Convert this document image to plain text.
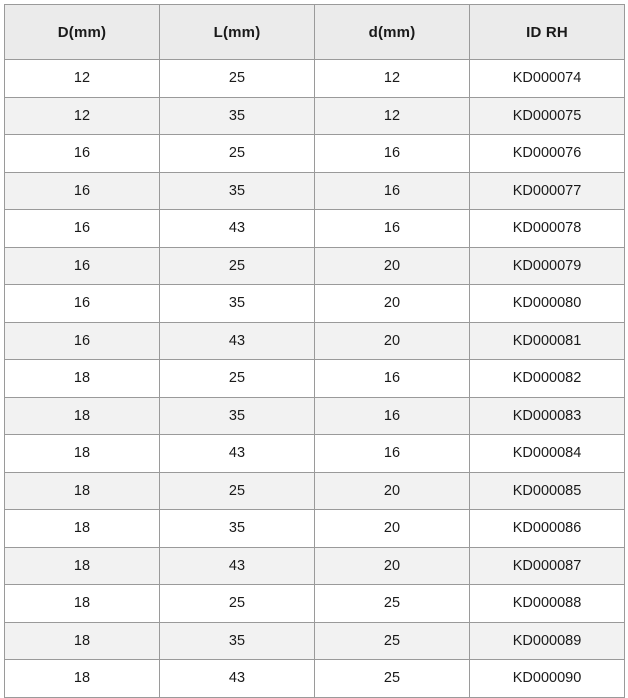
D(mm)	L(mm)	d(mm)	ID RH
12	25	12	KD000074
12	35	12	KD000075
16	25	16	KD000076
16	35	16	KD000077
16	43	16	KD000078
16	25	20	KD000079
16	35	20	KD000080
16	43	20	KD000081
18	25	16	KD000082
18	35	16	KD000083
18	43	16	KD000084
18	25	20	KD000085
18	35	20	KD000086
18	43	20	KD000087
18	25	25	KD000088
18	35	25	KD000089
18	43	25	KD000090
